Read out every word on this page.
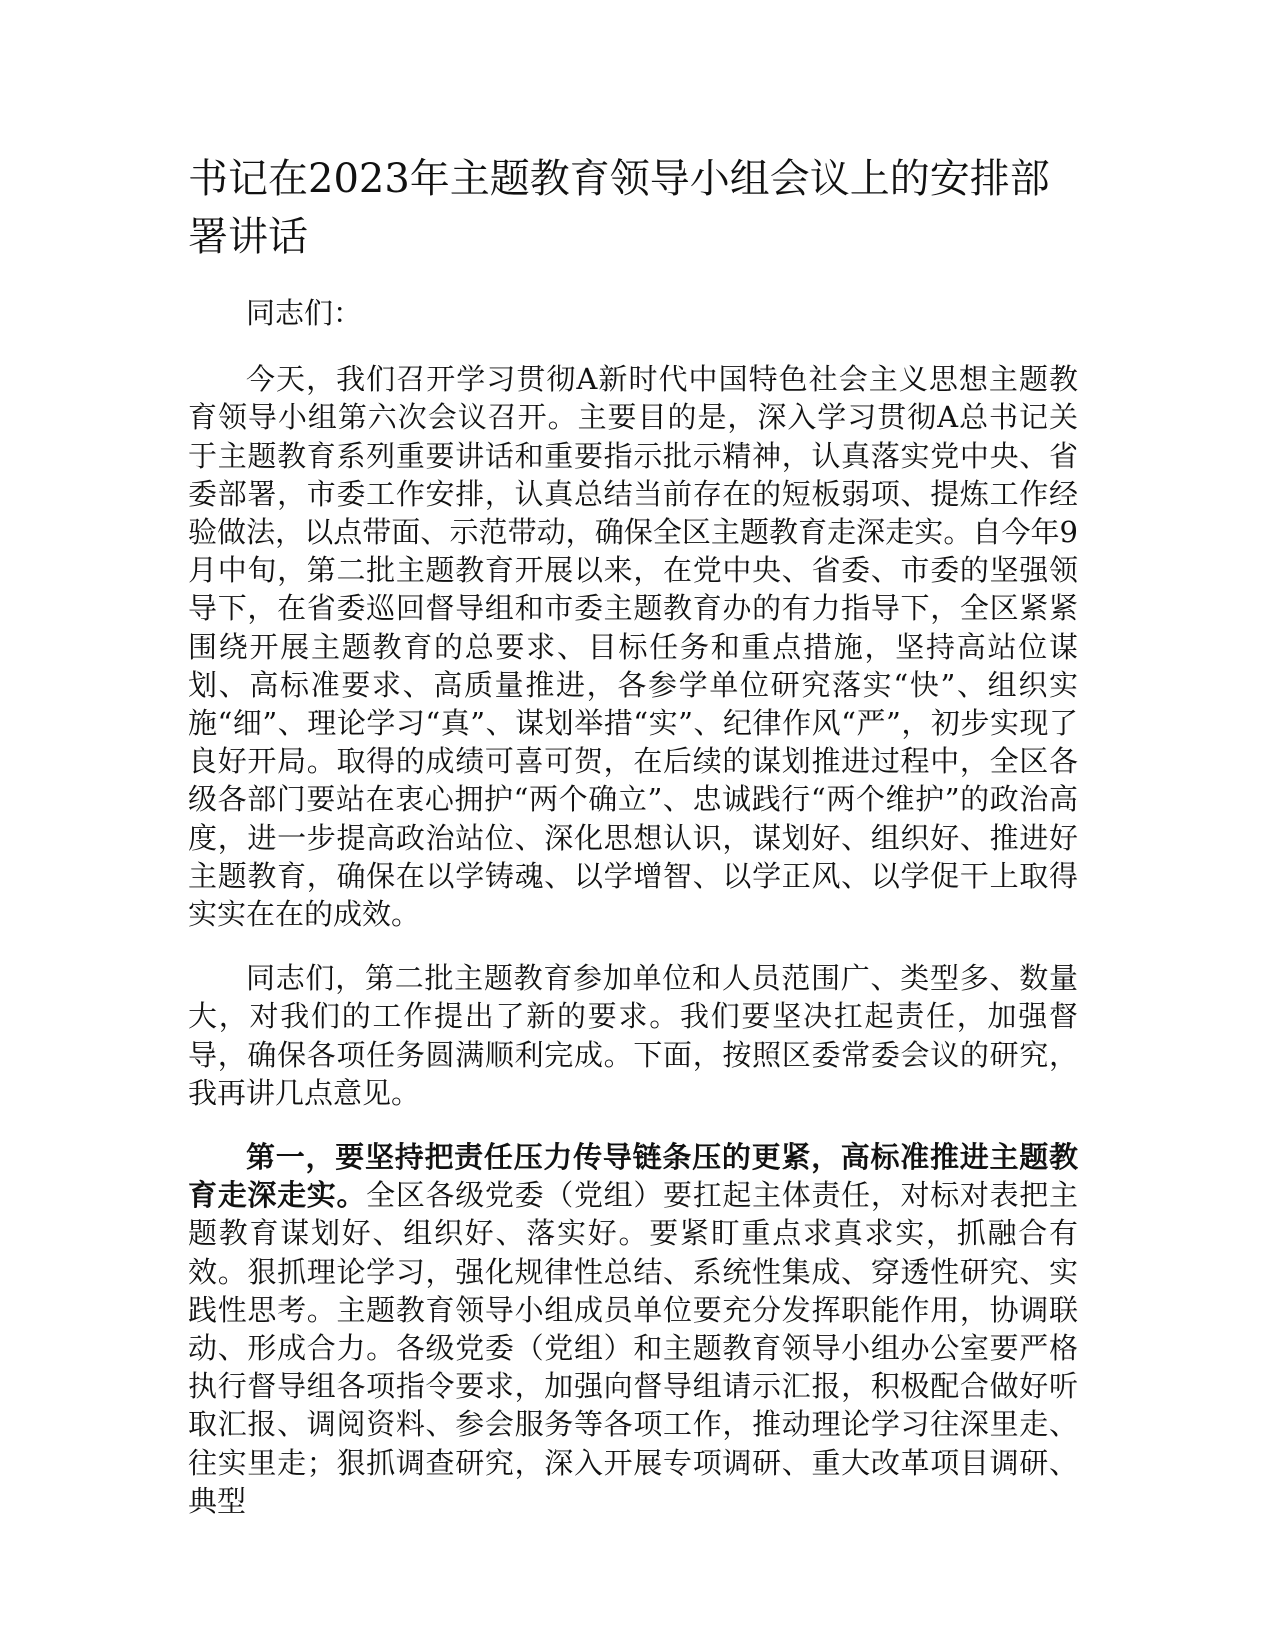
书记在2023年主题教育领导小组会议上的安排部署讲话

同志们：

今天，我们召开学习贯彻A新时代中国特色社会主义思想主题教育领导小组第六次会议召开。主要目的是，深入学习贯彻A总书记关于主题教育系列重要讲话和重要指示批示精神，认真落实党中央、省委部署，市委工作安排，认真总结当前存在的短板弱项、提炼工作经验做法，以点带面、示范带动，确保全区主题教育走深走实。自今年9月中旬，第二批主题教育开展以来，在党中央、省委、市委的坚强领导下，在省委巡回督导组和市委主题教育办的有力指导下，全区紧紧围绕开展主题教育的总要求、目标任务和重点措施，坚持高站位谋划、高标准要求、高质量推进，各参学单位研究落实“快”、组织实施“细”、理论学习“真”、谋划举措“实”、纪律作风“严”，初步实现了良好开局。取得的成绩可喜可贺，在后续的谋划推进过程中，全区各级各部门要站在衷心拥护“两个确立”、忠诚践行“两个维护”的政治高度，进一步提高政治站位、深化思想认识，谋划好、组织好、推进好主题教育，确保在以学铸魂、以学增智、以学正风、以学促干上取得实实在在的成效。

同志们，第二批主题教育参加单位和人员范围广、类型多、数量大，对我们的工作提出了新的要求。我们要坚决扛起责任，加强督导，确保各项任务圆满顺利完成。下面，按照区委常委会议的研究，我再讲几点意见。

第一，要坚持把责任压力传导链条压的更紧，高标准推进主题教育走深走实。全区各级党委（党组）要扛起主体责任，对标对表把主题教育谋划好、组织好、落实好。要紧盯重点求真求实，抓融合有效。狠抓理论学习，强化规律性总结、系统性集成、穿透性研究、实践性思考。主题教育领导小组成员单位要充分发挥职能作用，协调联动、形成合力。各级党委（党组）和主题教育领导小组办公室要严格执行督导组各项指令要求，加强向督导组请示汇报，积极配合做好听取汇报、调阅资料、参会服务等各项工作，推动理论学习往深里走、往实里走；狠抓调查研究，深入开展专项调研、重大改革项目调研、典型
